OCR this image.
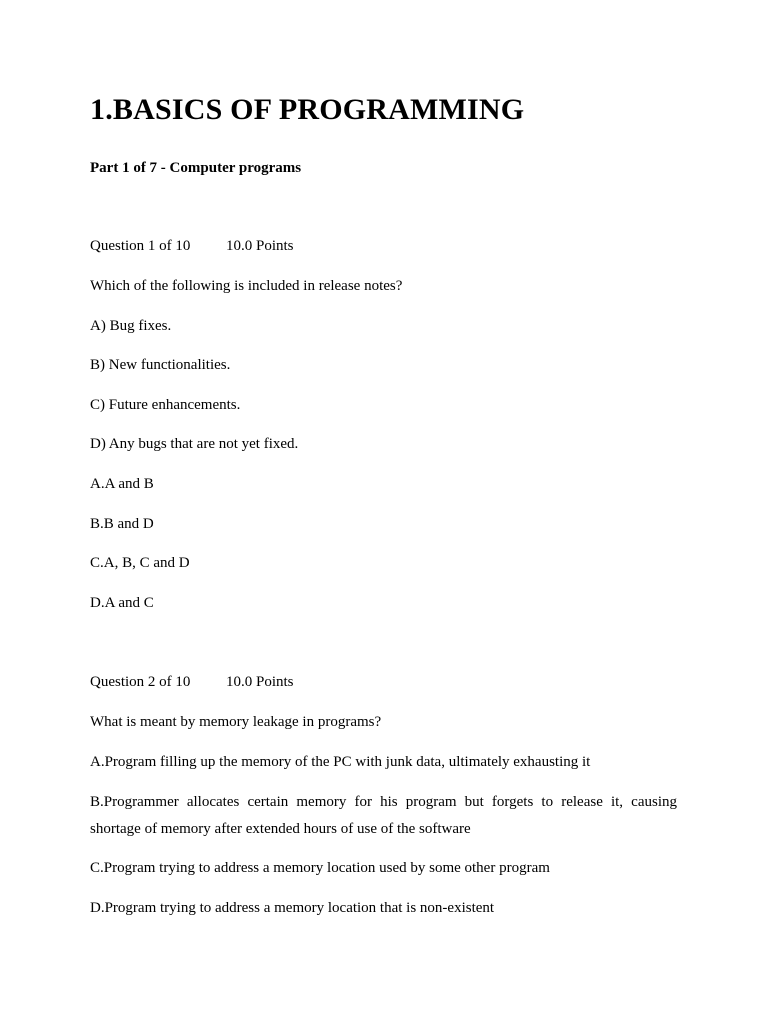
1.BASICS OF PROGRAMMING
Part 1 of 7 - Computer programs
Question 1 of 10 10.0 Points
Which of the following is included in release notes?
A) Bug fixes.
B) New functionalities.
C) Future enhancements.
D) Any bugs that are not yet fixed.
A.A and B
B.B and D
C.A, B, C and D
D.A and C
Question 2 of 10 10.0 Points
What is meant by memory leakage in programs?
A.Program filling up the memory of the PC with junk data, ultimately exhausting it
B.Programmer allocates certain memory for his program but forgets to release it, causing shortage of memory after extended hours of use of the software
C.Program trying to address a memory location used by some other program
D.Program trying to address a memory location that is non-existent
